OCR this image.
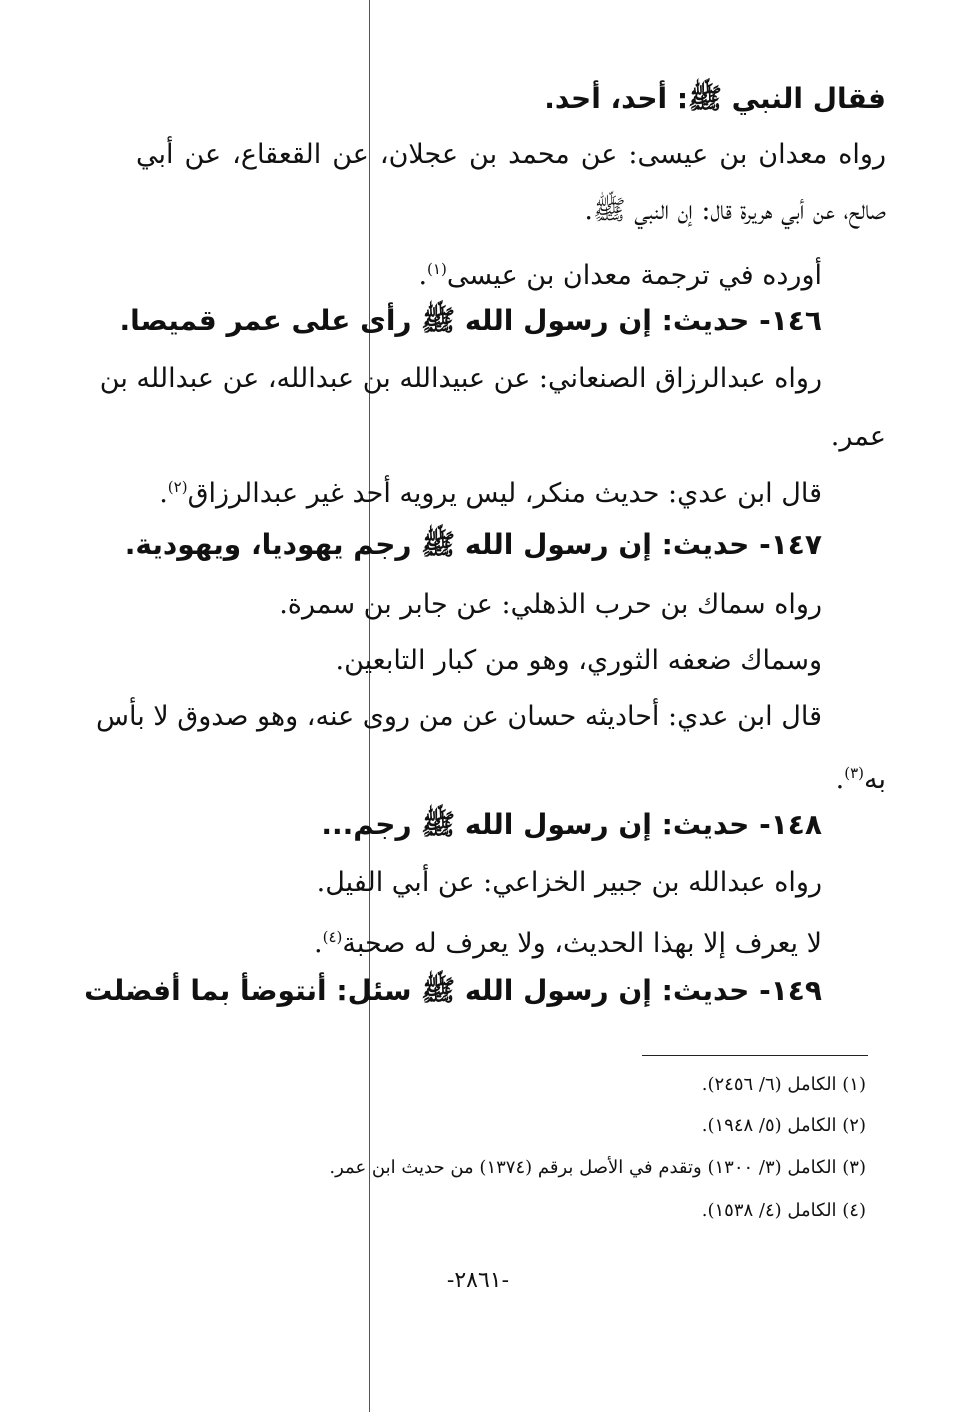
فقال النبي ﷺ: أحد، أحد.
رواه معدان بن عيسى: عن محمد بن عجلان، عن القعقاع، عن أبي
صالح، عن أبي هريرة قال: إن النبي ﷺ.
أورده في ترجمة معدان بن عيسى$^{(١)}$.
١٤٦- حديث: إن رسول الله ﷺ رأى على عمر قميصا.
رواه عبدالرزاق الصنعاني: عن عبيدالله بن عبدالله، عن عبدالله بن
عمر.
قال ابن عدي: حديث منكر، ليس يرويه أحد غير عبدالرزاق$^{(٢)}$.
١٤٧- حديث: إن رسول الله ﷺ رجم يهوديا، ويهودية.
رواه سماك بن حرب الذهلي: عن جابر بن سمرة.
وسماك ضعفه الثوري، وهو من كبار التابعين.
قال ابن عدي: أحاديثه حسان عن من روى عنه، وهو صدوق لا بأس
به$^{(٣)}$.
١٤٨- حديث: إن رسول الله ﷺ رجم...
رواه عبدالله بن جبير الخزاعي: عن أبي الفيل.
لا يعرف إلا بهذا الحديث، ولا يعرف له صحبة$^{(٤)}$.
١٤٩- حديث: إن رسول الله ﷺ سئل: أنتوضأ بما أفضلت
(١) الكامل (٦/ ٢٤٥٦).
(٢) الكامل (٥/ ١٩٤٨).
(٣) الكامل (٣/ ١٣٠٠) وتقدم في الأصل برقم (١٣٧٤) من حديث ابن عمر.
(٤) الكامل (٤/ ١٥٣٨).
-٢٨٦١-
